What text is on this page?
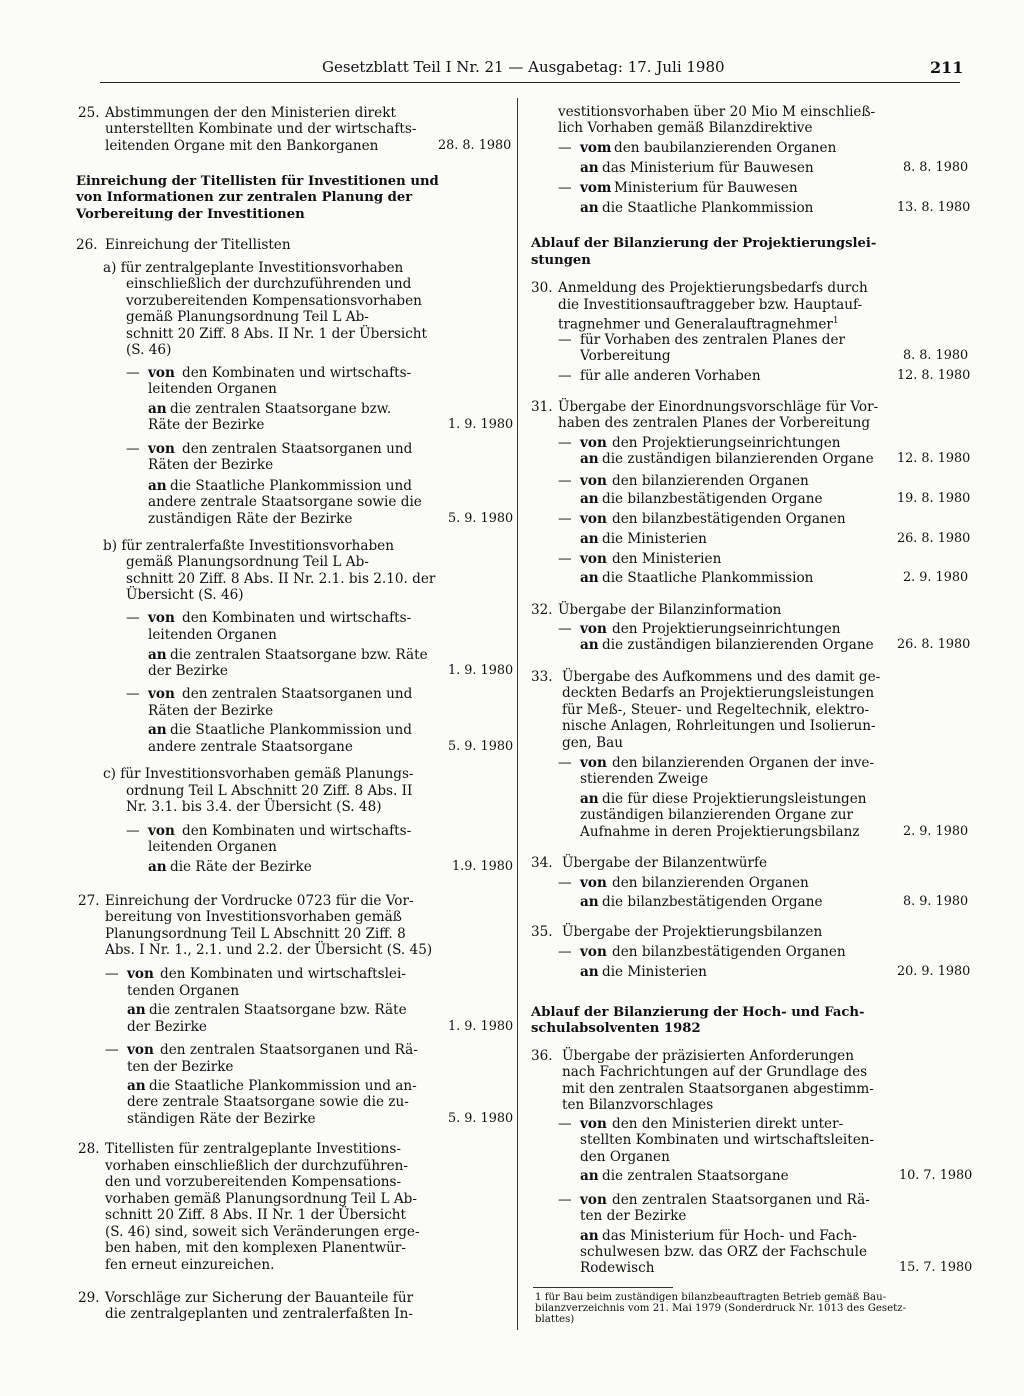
Gesetzblatt Teil I Nr. 21 — Ausgabetag: 17. Juli 1980	211
25. Abstimmungen der den Ministerien direkt
unterstellten Kombinate und der wirtschafts-
leitenden Organe mit den Bankorganen	28. 8. 1980
Einreichung der Titellisten für Investitionen und
von Informationen zur zentralen Planung der
Vorbereitung der Investitionen
26. Einreichung der Titellisten
a) für zentralgeplante Investitionsvorhaben
einschließlich der durchzuführenden und
vorzubereitenden Kompensationsvorhaben
gemäß Planungsordnung Teil L Ab-
schnitt 20 Ziff. 8 Abs. II Nr. 1 der Übersicht
(S. 46)
— von den Kombinaten und wirtschafts-
leitenden Organen
an die zentralen Staatsorgane bzw.
Räte der Bezirke	1. 9. 1980
— von den zentralen Staatsorganen und
Räten der Bezirke
an die Staatliche Plankommission und
andere zentrale Staatsorgane sowie die
zuständigen Räte der Bezirke	5. 9. 1980
b) für zentralerfaßte Investitionsvorhaben
gemäß Planungsordnung Teil L Ab-
schnitt 20 Ziff. 8 Abs. II Nr. 2.1. bis 2.10. der
Übersicht (S. 46)
— von den Kombinaten und wirtschafts-
leitenden Organen
an die zentralen Staatsorgane bzw. Räte
der Bezirke	1. 9. 1980
— von den zentralen Staatsorganen und
Räten der Bezirke
an die Staatliche Plankommission und
andere zentrale Staatsorgane	5. 9. 1980
c) für Investitionsvorhaben gemäß Planungs-
ordnung Teil L Abschnitt 20 Ziff. 8 Abs. II
Nr. 3.1. bis 3.4. der Übersicht (S. 48)
— von den Kombinaten und wirtschafts-
leitenden Organen
an die Räte der Bezirke	1.9. 1980
27. Einreichung der Vordrucke 0723 für die Vor-
bereitung von Investitionsvorhaben gemäß
Planungsordnung Teil L Abschnitt 20 Ziff. 8
Abs. I Nr. 1., 2.1. und 2.2. der Übersicht (S. 45)
— von den Kombinaten und wirtschaftslei-
tenden Organen
an die zentralen Staatsorgane bzw. Räte
der Bezirke	1. 9. 1980
— von den zentralen Staatsorganen und Rä-
ten der Bezirke
an die Staatliche Plankommission und an-
dere zentrale Staatsorgane sowie die zu-
ständigen Räte der Bezirke	5. 9. 1980
28. Titellisten für zentralgeplante Investitions-
vorhaben einschließlich der durchzuführen-
den und vorzubereitenden Kompensations-
vorhaben gemäß Planungsordnung Teil L Ab-
schnitt 20 Ziff. 8 Abs. II Nr. 1 der Übersicht
(S. 46) sind, soweit sich Veränderungen erge-
ben haben, mit den komplexen Planentwür-
fen erneut einzureichen.
29. Vorschläge zur Sicherung der Bauanteile für
die zentralgeplanten und zentralerfaßten In-
vestitionsvorhaben über 20 Mio M einschließ-
lich Vorhaben gemäß Bilanzdirektive
— vom den baubilanzierenden Organen
an das Ministerium für Bauwesen	8. 8. 1980
— vom Ministerium für Bauwesen
an die Staatliche Plankommission	13. 8. 1980
Ablauf der Bilanzierung der Projektierungslei-
stungen
30. Anmeldung des Projektierungsbedarfs durch
die Investitionsauftraggeber bzw. Hauptauf-
tragnehmer und Generalauftragnehmer$^1$
— für Vorhaben des zentralen Planes der
Vorbereitung	8. 8. 1980
— für alle anderen Vorhaben	12. 8. 1980
31. Übergabe der Einordnungsvorschläge für Vor-
haben des zentralen Planes der Vorbereitung
— von den Projektierungseinrichtungen
an die zuständigen bilanzierenden Organe 12. 8. 1980
— von den bilanzierenden Organen
an die bilanzbestätigenden Organe	19. 8. 1980
— von den bilanzbestätigenden Organen
an die Ministerien	26. 8. 1980
— von den Ministerien
an die Staatliche Plankommission	2. 9. 1980
32. Übergabe der Bilanzinformation
— von den Projektierungseinrichtungen
an die zuständigen bilanzierenden Organe 26. 8. 1980
33. Übergabe des Aufkommens und des damit ge-
deckten Bedarfs an Projektierungsleistungen
für Meß-, Steuer- und Regeltechnik, elektro-
nische Anlagen, Rohrleitungen und Isolierun-
gen, Bau
— von den bilanzierenden Organen der inve-
stierenden Zweige
an die für diese Projektierungsleistungen
zuständigen bilanzierenden Organe zur
Aufnahme in deren Projektierungsbilanz	2. 9. 1980
34. Übergabe der Bilanzentwürfe
— von den bilanzierenden Organen
an die bilanzbestätigenden Organe	8. 9. 1980
35. Übergabe der Projektierungsbilanzen
— von den bilanzbestätigenden Organen
an die Ministerien	20. 9. 1980
Ablauf der Bilanzierung der Hoch- und Fach-
schulabsolventen 1982
36. Übergabe der präzisierten Anforderungen
nach Fachrichtungen auf der Grundlage des
mit den zentralen Staatsorganen abgestimm-
ten Bilanzvorschlages
— von den den Ministerien direkt unter-
stellten Kombinaten und wirtschaftsleiten-
den Organen
an die zentralen Staatsorgane	10. 7. 1980
— von den zentralen Staatsorganen und Rä-
ten der Bezirke
an das Ministerium für Hoch- und Fach-
schulwesen bzw. das ORZ der Fachschule
Rodewisch	15. 7. 1980
1 für Bau beim zuständigen bilanzbeauftragten Betrieb gemäß Bau-
bilanzverzeichnis vom 21. Mai 1979 (Sonderdruck Nr. 1013 des Gesetz-
blattes)
